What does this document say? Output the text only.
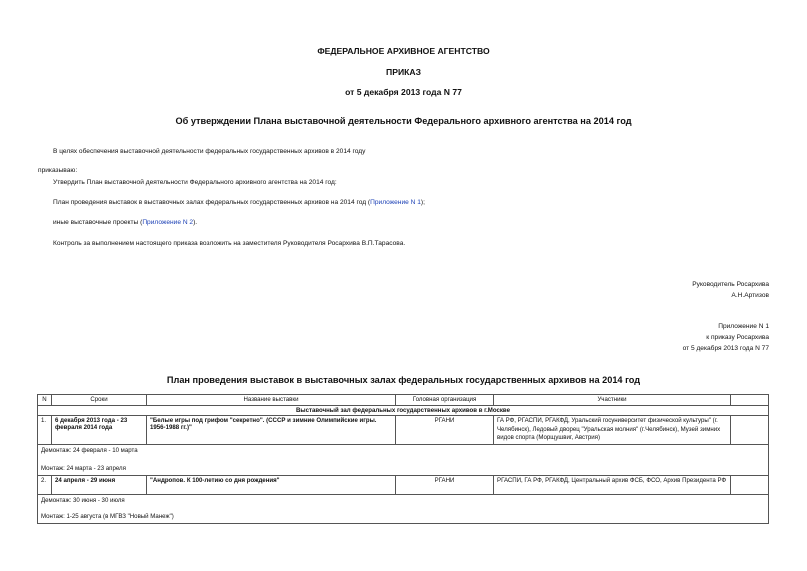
ФЕДЕРАЛЬНОЕ АРХИВНОЕ АГЕНТСТВО
ПРИКАЗ
от 5 декабря 2013 года N 77
Об утверждении Плана выставочной деятельности Федерального архивного агентства на 2014 год
В целях обеспечения выставочной деятельности федеральных государственных архивов в 2014 году
приказываю:
Утвердить План выставочной деятельности Федерального архивного агентства на 2014 год:
План проведения выставок в выставочных залах федеральных государственных архивов на 2014 год (Приложение N 1);
иные выставочные проекты (Приложение N 2).
Контроль за выполнением настоящего приказа возложить на заместителя Руководителя Росархива В.П.Тарасова.
Руководитель Росархива
А.Н.Артизов
Приложение N 1
к приказу Росархива
от 5 декабря 2013 года N 77
План проведения выставок в выставочных залах федеральных государственных архивов на 2014 год
N	Сроки	Название выставки	Головная организация	Участники	
Выставочный зал федеральных государственных архивов в г.Москве					
1.	6 декабря 2013 года - 23 февраля 2014 года	"Белые игры под грифом "секретно". (СССР и зимние Олимпийские игры. 1956-1988 гг.)"	РГАНИ	ГА РФ, РГАСПИ, РГАКФД, Уральский госуниверситет физической культуры" (г. Челябинск), Ледовый дворец "Уральская молния" (г.Челябинск), Музей зимних видов спорта (Морщушвиг, Австрия)	

Демонтаж: 24 февраля - 10 марта
Монтаж: 24 марта - 23 апреля					

2.	24 апреля - 29 июня	"Андропов. К 100-летию со дня рождения"	РГАНИ	РГАСПИ, ГА РФ, РГАКФД, Центральный архив ФСБ, ФСО, Архив Президента РФ	

Демонтаж: 30 июня - 30 июля
Монтаж: 1-25 августа (в МГВЗ "Новый Манеж")					
